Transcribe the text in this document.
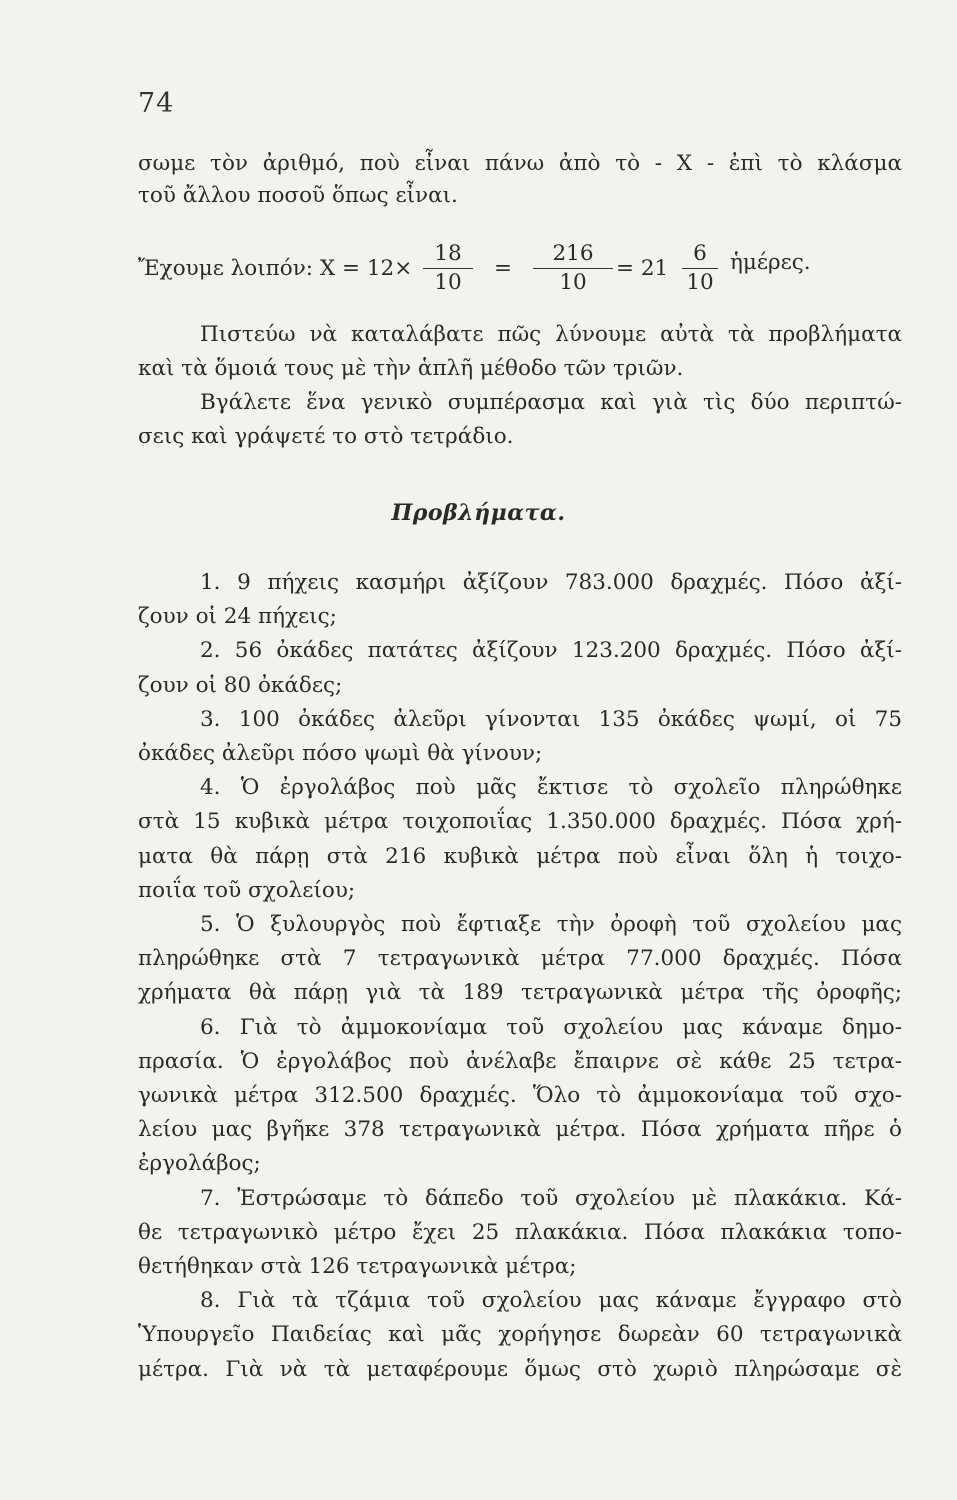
74
σωμε τὸν ἀριθμό, ποὺ εἶναι πάνω ἀπὸ τὸ - Χ - ἐπὶ τὸ κλάσμα
τοῦ ἄλλου ποσοῦ ὅπως εἶναι.
Ἔχουμε λοιπόν: Χ = 12×
18
10
=
216
10
= 21
6
10
ἡμέρες.
Πιστεύω νὰ καταλάβατε πῶς λύνουμε αὐτὰ τὰ προβλήματα
καὶ τὰ ὅμοιά τους μὲ τὴν ἁπλῆ μέθοδο τῶν τριῶν.
Βγάλετε ἕνα γενικὸ συμπέρασμα καὶ γιὰ τὶς δύο περιπτώ-
σεις καὶ γράψετέ το στὸ τετράδιο.
Προβλήματα.
1. 9 πήχεις κασμήρι ἀξίζουν 783.000 δραχμές. Πόσο ἀξί-
ζουν οἱ 24 πήχεις;
2. 56 ὀκάδες πατάτες ἀξίζουν 123.200 δραχμές. Πόσο ἀξί-
ζουν οἱ 80 ὀκάδες;
3. 100 ὀκάδες ἀλεῦρι γίνονται 135 ὀκάδες ψωμί, οἱ 75
ὀκάδες ἀλεῦρι πόσο ψωμὶ θὰ γίνουν;
4. Ὁ ἐργολάβος ποὺ μᾶς ἔκτισε τὸ σχολεῖο πληρώθηκε
στὰ 15 κυβικὰ μέτρα τοιχοποιΐας 1.350.000 δραχμές. Πόσα χρή-
ματα θὰ πάρῃ στὰ 216 κυβικὰ μέτρα ποὺ εἶναι ὅλη ἡ τοιχο-
ποιΐα τοῦ σχολείου;
5. Ὁ ξυλουργὸς ποὺ ἔφτιαξε τὴν ὀροφὴ τοῦ σχολείου μας
πληρώθηκε στὰ 7 τετραγωνικὰ μέτρα 77.000 δραχμές. Πόσα
χρήματα θὰ πάρῃ γιὰ τὰ 189 τετραγωνικὰ μέτρα τῆς ὀροφῆς;
6. Γιὰ τὸ ἀμμοκονίαμα τοῦ σχολείου μας κάναμε δημο-
πρασία. Ὁ ἐργολάβος ποὺ ἀνέλαβε ἔπαιρνε σὲ κάθε 25 τετρα-
γωνικὰ μέτρα 312.500 δραχμές. Ὅλο τὸ ἀμμοκονίαμα τοῦ σχο-
λείου μας βγῆκε 378 τετραγωνικὰ μέτρα. Πόσα χρήματα πῆρε ὁ
ἐργολάβος;
7. Ἐστρώσαμε τὸ δάπεδο τοῦ σχολείου μὲ πλακάκια. Κά-
θε τετραγωνικὸ μέτρο ἔχει 25 πλακάκια. Πόσα πλακάκια τοπο-
θετήθηκαν στὰ 126 τετραγωνικὰ μέτρα;
8. Γιὰ τὰ τζάμια τοῦ σχολείου μας κάναμε ἔγγραφο στὸ
Ὑπουργεῖο Παιδείας καὶ μᾶς χορήγησε δωρεὰν 60 τετραγωνικὰ
μέτρα. Γιὰ νὰ τὰ μεταφέρουμε ὅμως στὸ χωριὸ πληρώσαμε σὲ
